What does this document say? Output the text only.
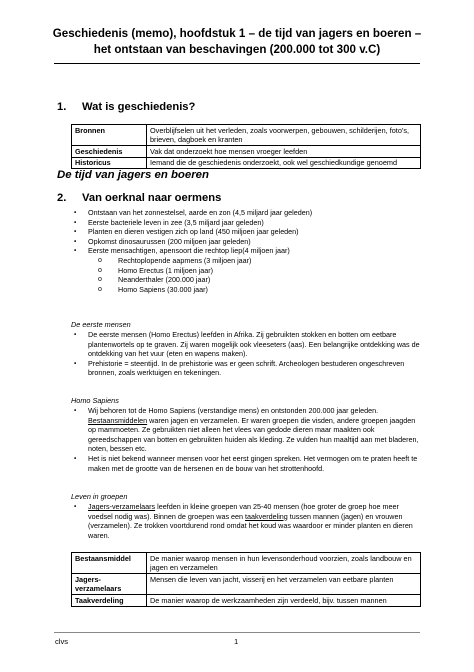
Geschiedenis (memo), hoofdstuk 1 – de tijd van jagers en boeren –
het ontstaan van beschavingen (200.000 tot 300 v.C)
1. Wat is geschiedenis?
Bronnen	Overblijfselen uit het verleden, zoals voorwerpen, gebouwen, schilderijen, foto’s, brieven, dagboek en kranten
Geschiedenis	Vak dat onderzoekt hoe mensen vroeger leefden
Historicus	Iemand die de geschiedenis onderzoekt, ook wel geschiedkundige genoemd
De tijd van jagers en boeren
2. Van oerknal naar oermens
▪ Ontstaan van het zonnestelsel, aarde en zon (4,5 miljard jaar geleden)
▪ Eerste bacteriele leven in zee (3,5 miljard jaar geleden)
▪ Planten en dieren vestigen zich op land (450 miljoen jaar geleden)
▪ Opkomst dinosaurussen (200 miljoen jaar geleden)
▪ Eerste mensachtigen, apensoort die rechtop liep(4 miljoen jaar)
o Rechtoplopende aapmens (3 miljoen jaar)
o Homo Erectus (1 miljoen jaar)
o Neanderthaler (200.000 jaar)
o Homo Sapiens (30.000 jaar)
De eerste mensen
▪ De eerste mensen (Homo Erectus) leefden in Afrika. Zij gebruikten stokken en botten om eetbare plantenwortels op te graven. Zij waren mogelijk ook vleeseters (aas). Een belangrijke ontdekking was de ontdekking van het vuur (eten en wapens maken).
▪ Prehistorie = steentijd. In de prehistorie was er geen schrift. Archeologen bestuderen ongeschreven bronnen, zoals werktuigen en tekeningen.
Homo Sapiens
▪ Wij behoren tot de Homo Sapiens (verstandige mens) en ontstonden 200.000 jaar geleden. Bestaansmiddelen waren jagen en verzamelen. Er waren groepen die visden, andere groepen jaagden op mammoeten. Ze gebruikten niet alleen het vlees van gedode dieren maar maakten ook gereedschappen van botten en gebruikten huiden als kleding. Ze vulden hun maaltijd aan met bladeren, noten, bessen etc.
▪ Het is niet bekend wanneer mensen voor het eerst gingen spreken. Het vermogen om te praten heeft te maken met de grootte van de hersenen en de bouw van het strottenhoofd.
Leven in groepen
▪ Jagers-verzamelaars leefden in kleine groepen van 25-40 mensen (hoe groter de groep hoe meer voedsel nodig was). Binnen de groepen was een taakverdeling tussen mannen (jagen) en vrouwen (verzamelen). Ze trokken voortdurend rond omdat het koud was waardoor er minder planten en dieren waren.
Bestaansmiddel	De manier waarop mensen in hun levensonderhoud voorzien, zoals landbouw en jagen en verzamelen
Jagers-verzamelaars	Mensen die leven van jacht, visserij en het verzamelen van eetbare planten
Taakverdeling	De manier waarop de werkzaamheden zijn verdeeld, bijv. tussen mannen
clvs	1
